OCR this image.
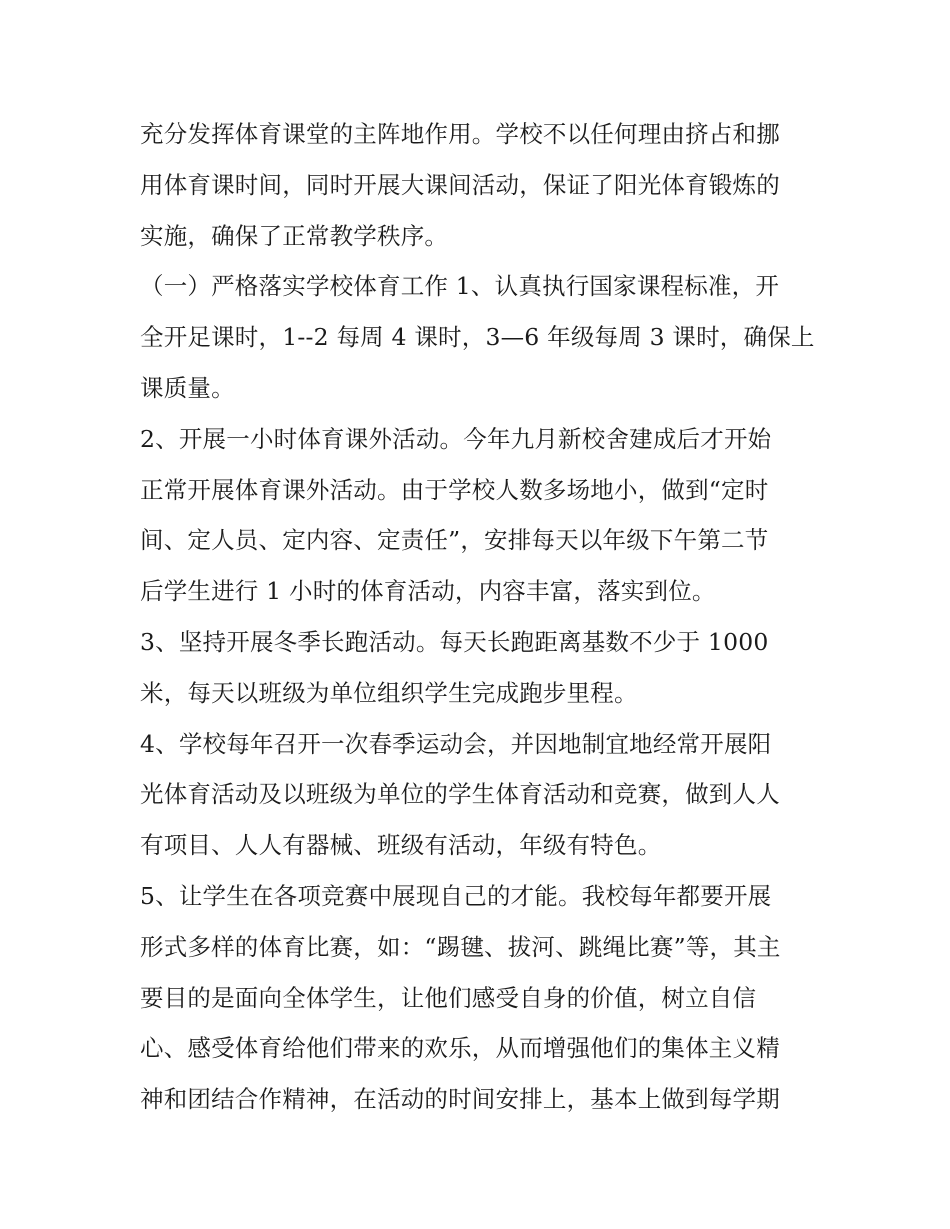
充分发挥体育课堂的主阵地作用。学校不以任何理由挤占和挪
用体育课时间，同时开展大课间活动，保证了阳光体育锻炼的
实施，确保了正常教学秩序。
（一）严格落实学校体育工作 1、认真执行国家课程标准，开
全开足课时，1--2 每周 4 课时，3—6 年级每周 3 课时，确保上
课质量。
2、开展一小时体育课外活动。今年九月新校舍建成后才开始
正常开展体育课外活动。由于学校人数多场地小，做到“定时
间、定人员、定内容、定责任”，安排每天以年级下午第二节
后学生进行 1 小时的体育活动，内容丰富，落实到位。
3、坚持开展冬季长跑活动。每天长跑距离基数不少于 1000
米，每天以班级为单位组织学生完成跑步里程。
4、学校每年召开一次春季运动会，并因地制宜地经常开展阳
光体育活动及以班级为单位的学生体育活动和竞赛，做到人人
有项目、人人有器械、班级有活动，年级有特色。
5、让学生在各项竞赛中展现自己的才能。我校每年都要开展
形式多样的体育比赛，如：“踢毽、拔河、跳绳比赛”等，其主
要目的是面向全体学生，让他们感受自身的价值，树立自信
心、感受体育给他们带来的欢乐，从而增强他们的集体主义精
神和团结合作精神，在活动的时间安排上，基本上做到每学期
